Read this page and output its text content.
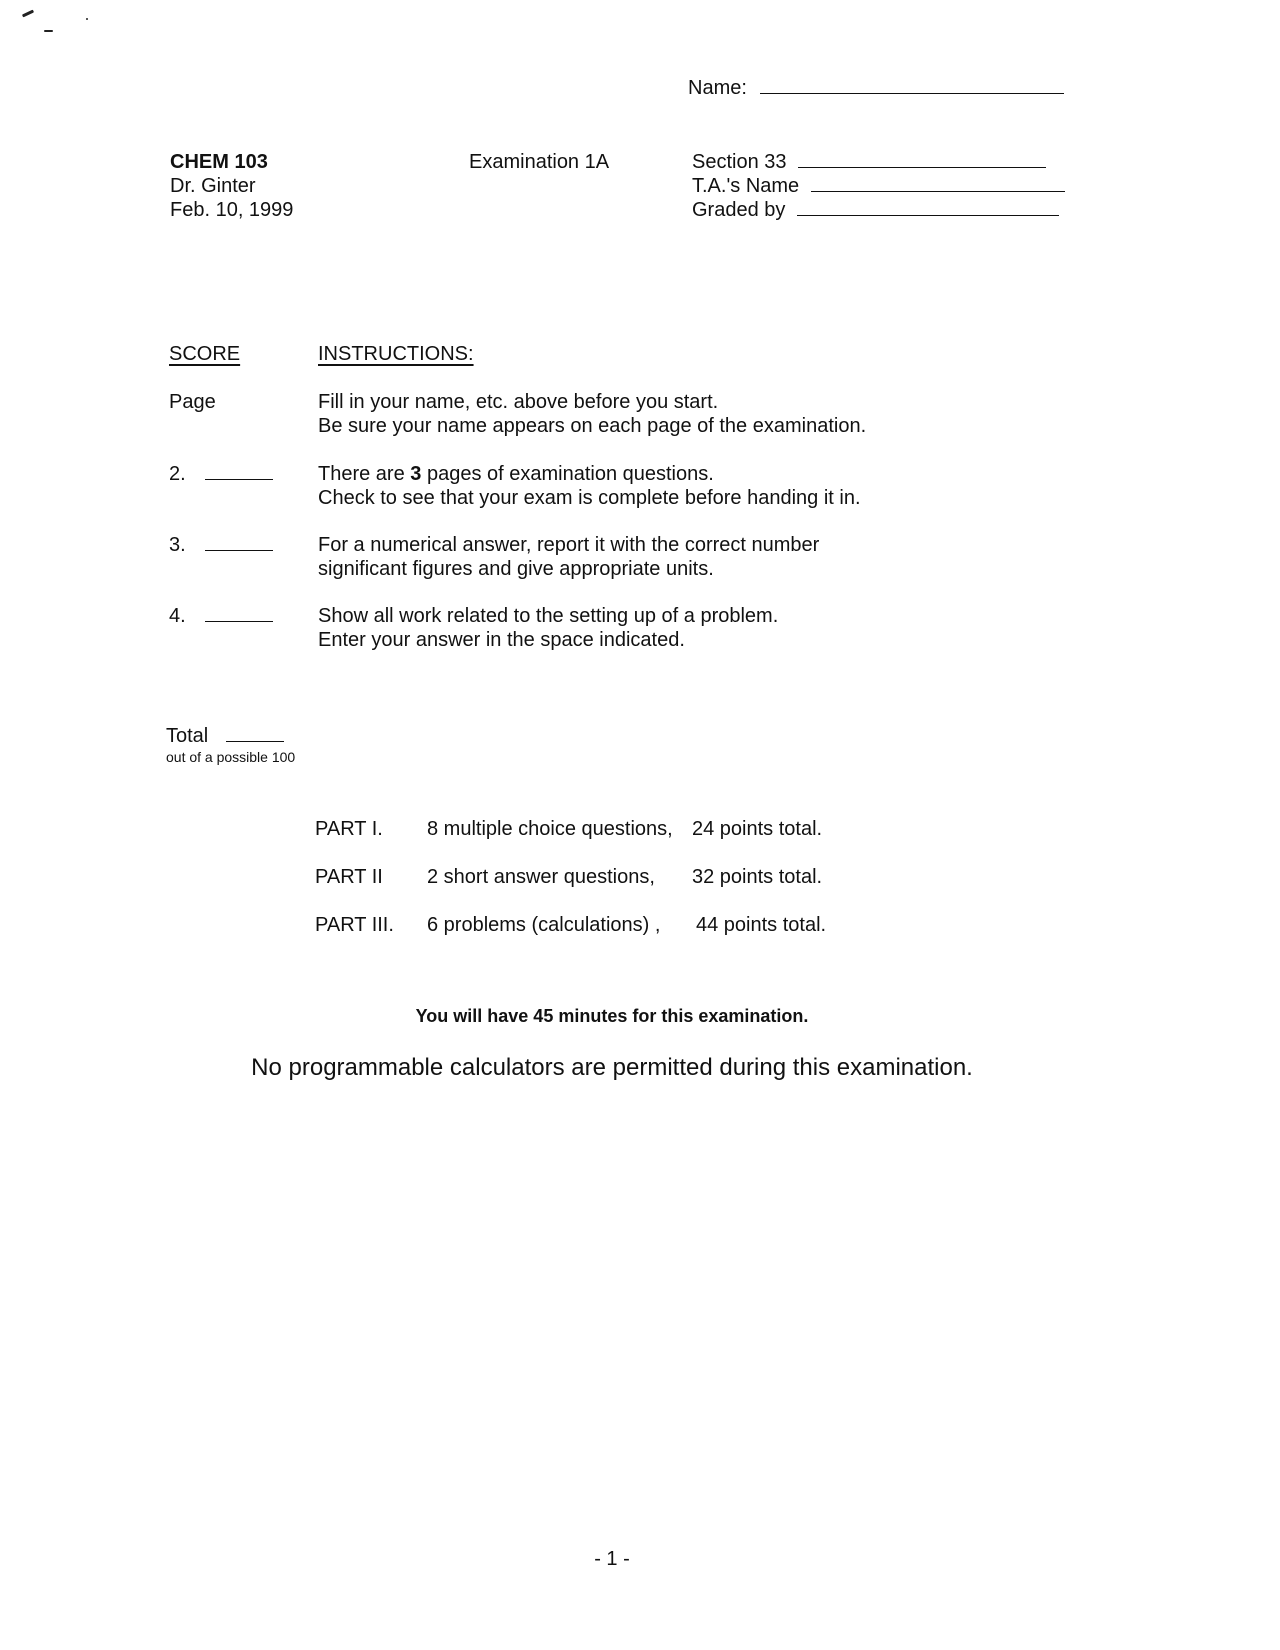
Name:
CHEM 103
Dr. Ginter
Feb. 10, 1999
Examination 1A	Section 33
T.A.'s Name
Graded by
SCORE	INSTRUCTIONS:
Page	Fill in your name, etc. above before you start.
Be sure your name appears on each page of the examination.
2.	There are 3 pages of examination questions.
Check to see that your exam is complete before handing it in.
3.	For a numerical answer, report it with the correct number
significant figures and give appropriate units.
4.	Show all work related to the setting up of a problem.
Enter your answer in the space indicated.
Total
out of a possible 100
PART I. 8 multiple choice questions, 24 points total.
PART II 2 short answer questions, 32 points total.
PART III. 6 problems (calculations) , 44 points total.
You will have 45 minutes for this examination.
No programmable calculators are permitted during this examination.
- 1 -
